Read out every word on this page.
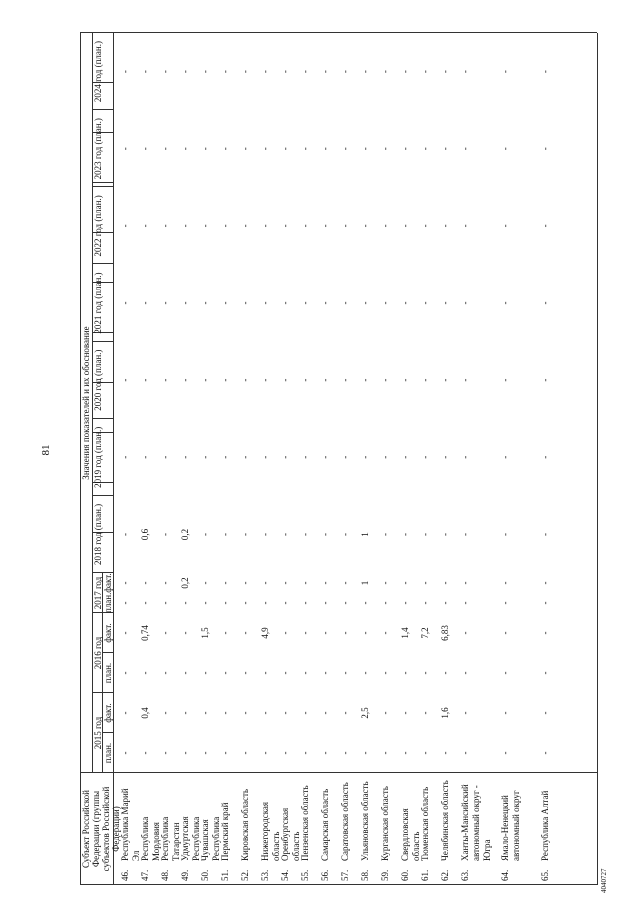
81
4040727
Субъект Российской Федерации (группы субъектов Российской Федерации)
Значения показателей и их обоснование
2015 год
2016 год
2017 год
план.
факт.
план.
факт.
план.
факт.
2018 год (план.)
2019 год (план.)
2020 год (план.)
2021 год (план.)
2022 год (план.)
2023 год (план.)
2024 год (план.)
46.
Республика Марий Эл
-
-
-
-
-
-
-
-
-
-
-
-
-
47.
Республика Мордовия
-
0,4
-
0,74
-
-
0,6
-
-
-
-
-
-
48.
Республика Татарстан
-
-
-
-
-
-
-
-
-
-
-
-
-
49.
Удмуртская Республика
-
-
-
-
-
0,2
0,2
-
-
-
-
-
-
50.
Чувашская Республика
-
-
-
1,5
-
-
-
-
-
-
-
-
-
51.
Пермский край
-
-
-
-
-
-
-
-
-
-
-
-
-
52.
Кировская область
-
-
-
-
-
-
-
-
-
-
-
-
-
53.
Нижегородская область
-
-
-
4,9
-
-
-
-
-
-
-
-
-
54.
Оренбургская область
-
-
-
-
-
-
-
-
-
-
-
-
-
55.
Пензенская область
-
-
-
-
-
-
-
-
-
-
-
-
-
56.
Самарская область
-
-
-
-
-
-
-
-
-
-
-
-
-
57.
Саратовская область
-
-
-
-
-
-
-
-
-
-
-
-
-
58.
Ульяновская область
-
2,5
-
-
-
1
1
-
-
-
-
-
-
59.
Курганская область
-
-
-
-
-
-
-
-
-
-
-
-
-
60.
Свердловская область
-
-
-
1,4
-
-
-
-
-
-
-
-
-
61.
Тюменская область
-
-
-
7,2
-
-
-
-
-
-
-
-
-
62.
Челябинская область
-
1,6
-
6,83
-
-
-
-
-
-
-
-
-
63.
Ханты-Мансийский автономный округ - Югра
-
-
-
-
-
-
-
-
-
-
-
-
-
64.
Ямало-Ненецкий автономный округ
-
-
-
-
-
-
-
-
-
-
-
-
-
65.
Республика Алтай
-
-
-
-
-
-
-
-
-
-
-
-
-
